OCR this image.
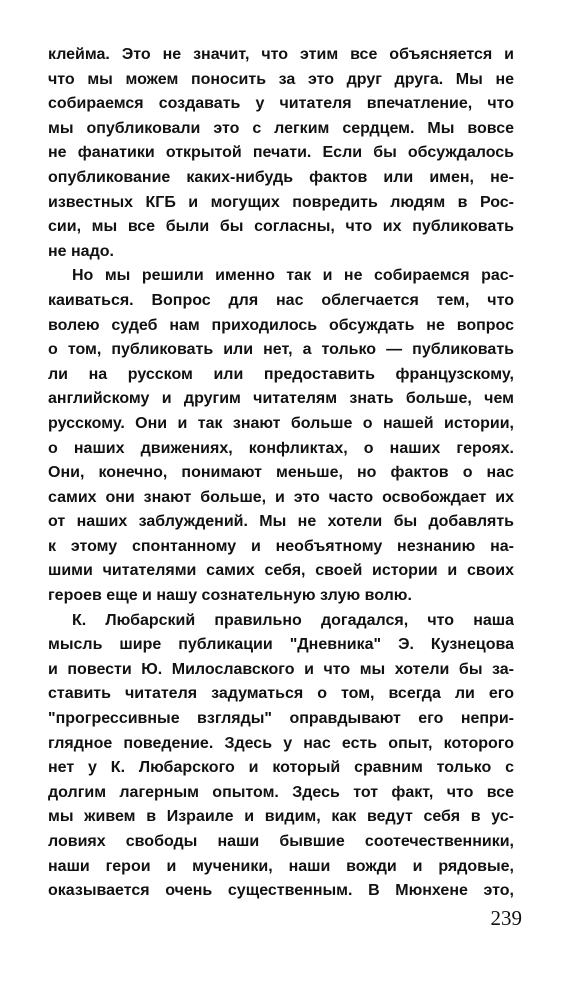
клейма. Это не значит, что этим все объясняется и
что мы можем поносить за это друг друга. Мы не
собираемся создавать у читателя впечатление, что
мы опубликовали это с легким сердцем. Мы вовсе
не фанатики открытой печати. Если бы обсуждалось
опубликование каких-нибудь фактов или имен, не-
известных КГБ и могущих повредить людям в Рос-
сии, мы все были бы согласны, что их публиковать
не надо.
Но мы решили именно так и не собираемся рас-
каиваться. Вопрос для нас облегчается тем, что
волею судеб нам приходилось обсуждать не вопрос
о том, публиковать или нет, а только — публиковать
ли на русском или предоставить французскому,
английскому и другим читателям знать больше, чем
русскому. Они и так знают больше о нашей истории,
о наших движениях, конфликтах, о наших героях.
Они, конечно, понимают меньше, но фактов о нас
самих они знают больше, и это часто освобождает их
от наших заблуждений. Мы не хотели бы добавлять
к этому спонтанному и необъятному незнанию на-
шими читателями самих себя, своей истории и своих
героев еще и нашу сознательную злую волю.
К. Любарский правильно догадался, что наша
мысль шире публикации "Дневника" Э. Кузнецова
и повести Ю. Милославского и что мы хотели бы за-
ставить читателя задуматься о том, всегда ли его
"прогрессивные взгляды" оправдывают его непри-
глядное поведение. Здесь у нас есть опыт, которого
нет у К. Любарского и который сравним только с
долгим лагерным опытом. Здесь тот факт, что все
мы живем в Израиле и видим, как ведут себя в ус-
ловиях свободы наши бывшие соотечественники,
наши герои и мученики, наши вожди и рядовые,
оказывается очень существенным. В Мюнхене это,
239
